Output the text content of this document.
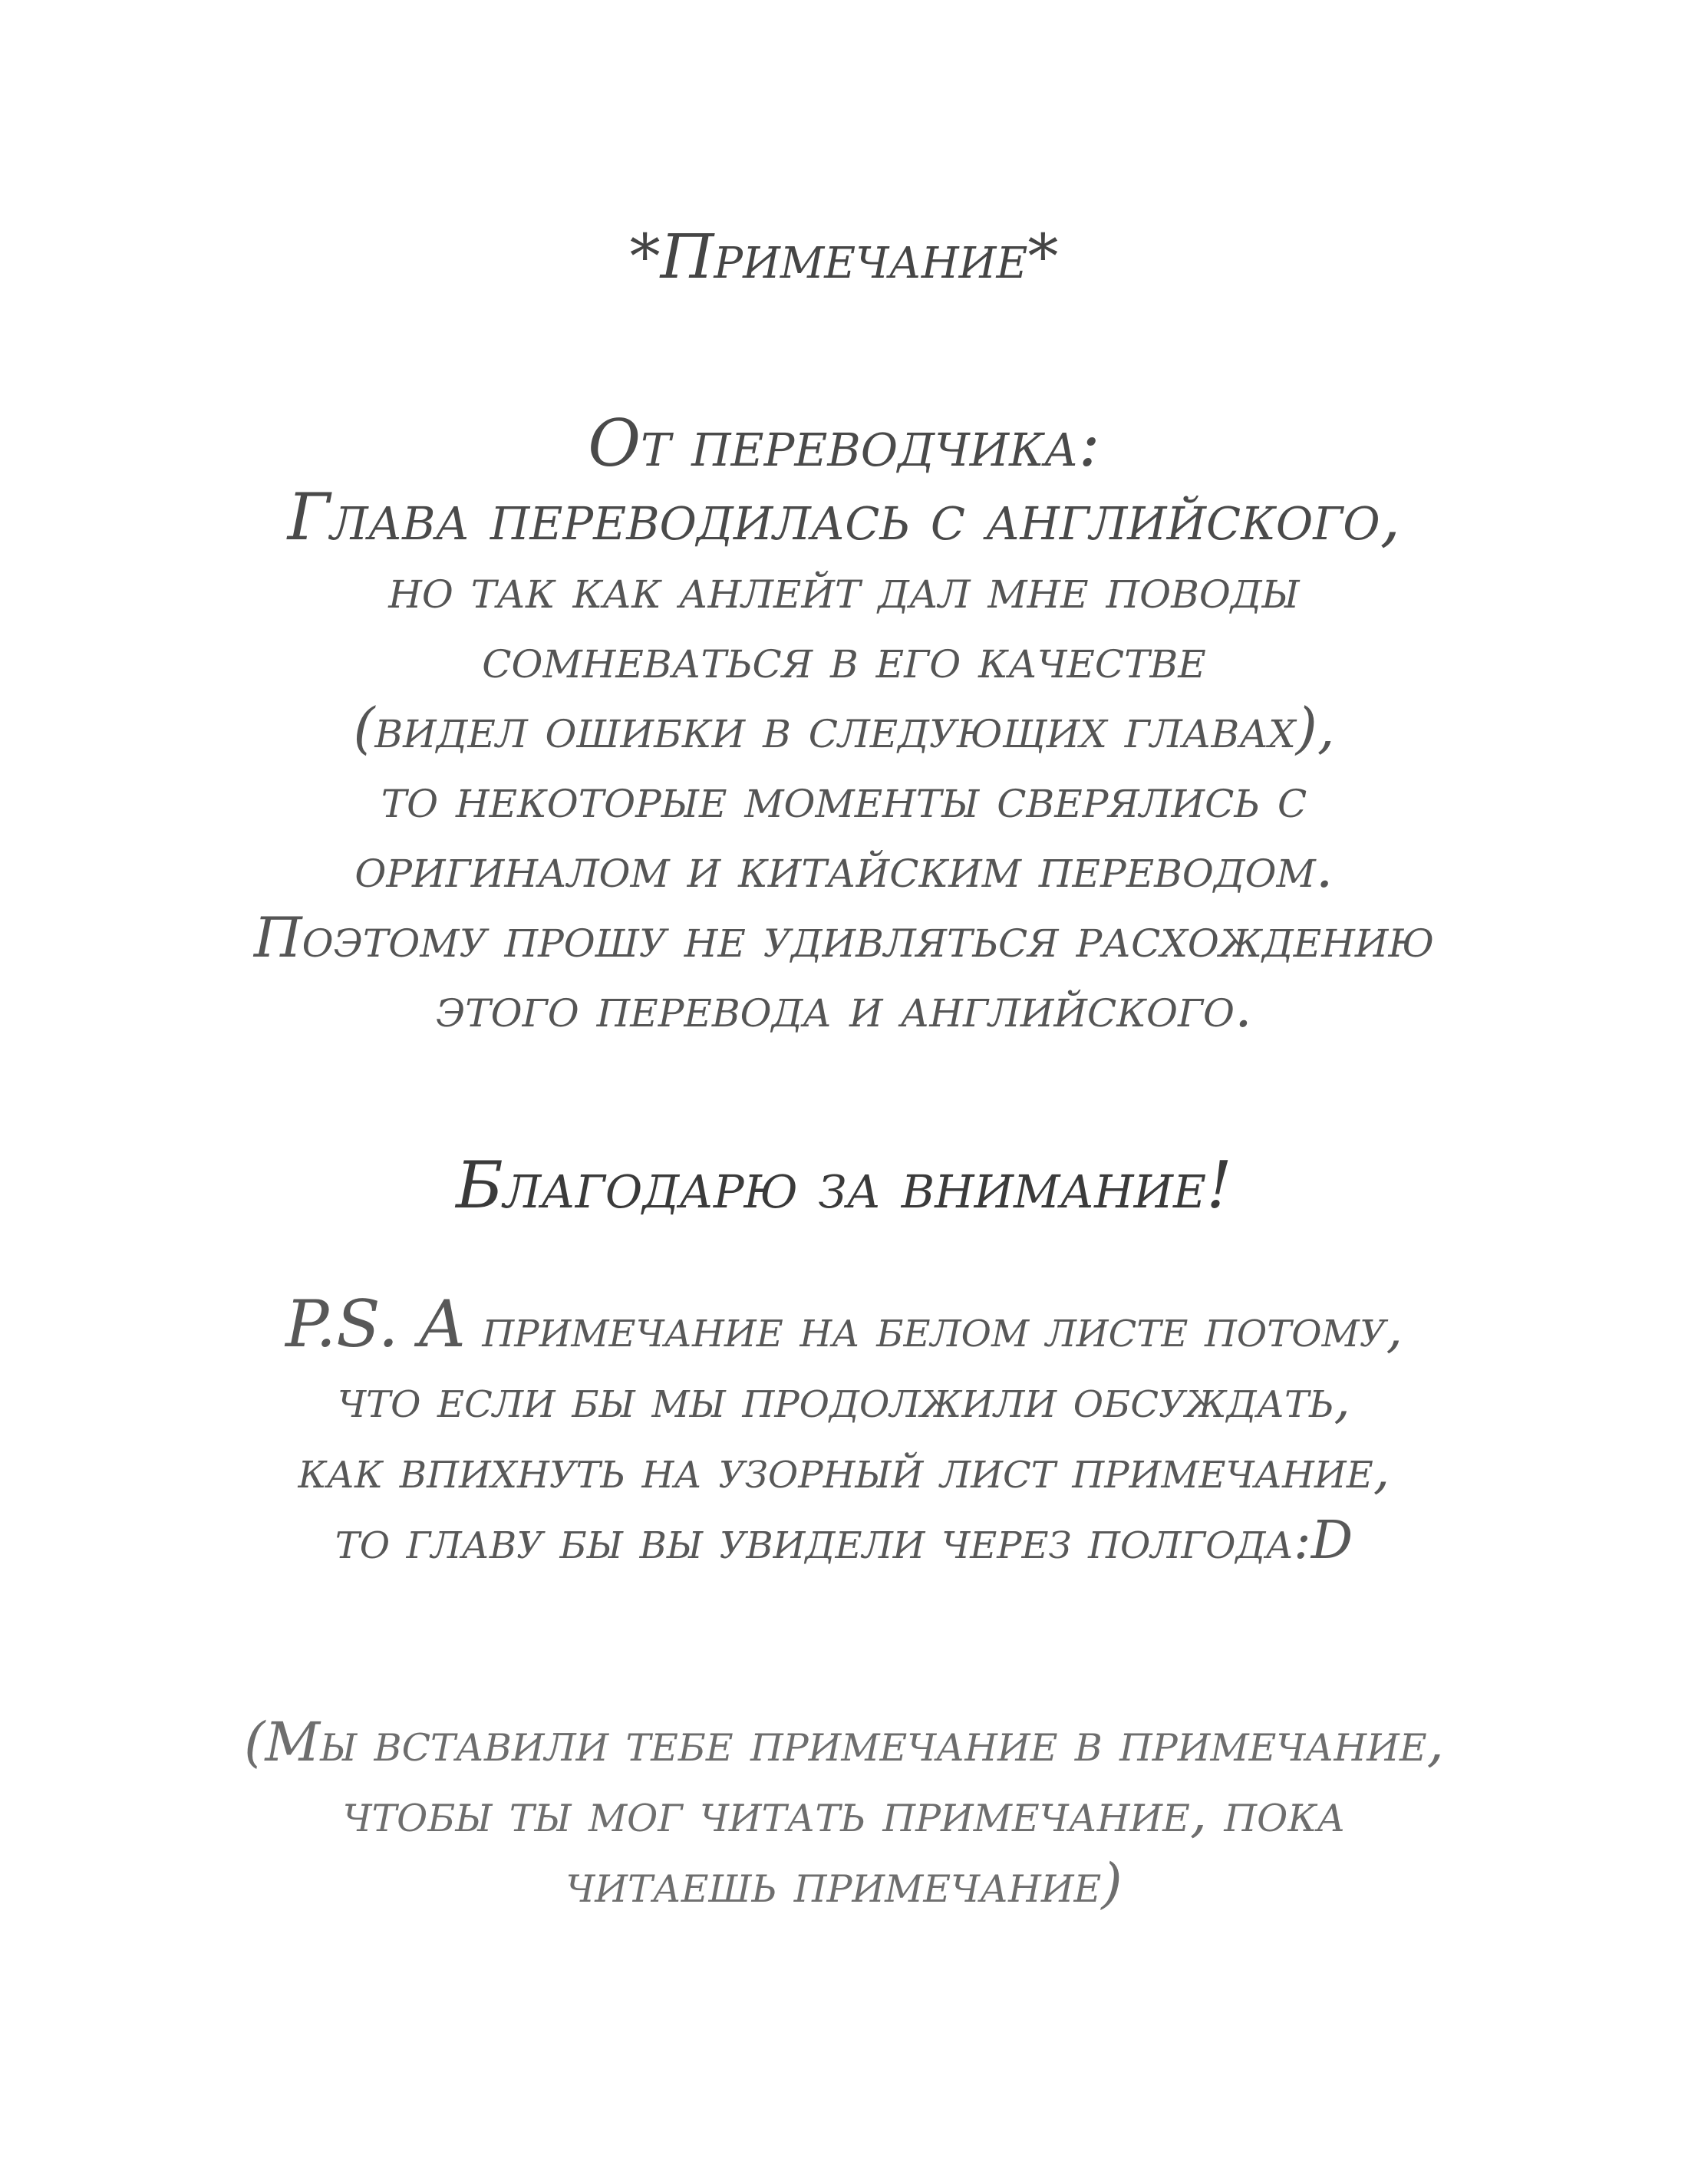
*Примечание*
От переводчика:
Глава переводилась с английского,
но так как анлейт дал мне поводы
сомневаться в его качестве
(видел ошибки в следующих главах),
то некоторые моменты сверялись с
оригиналом и китайским переводом.
Поэтому прошу не удивляться расхождению
этого перевода и английского.
Благодарю за внимание!
P.S. A примечание на белом листе потому,
что если бы мы продолжили обсуждать,
как впихнуть на узорный лист примечание,
то главу бы вы увидели через полгода:D
(Мы вставили тебе примечание в примечание,
чтобы ты мог читать примечание, пока
читаешь примечание)
